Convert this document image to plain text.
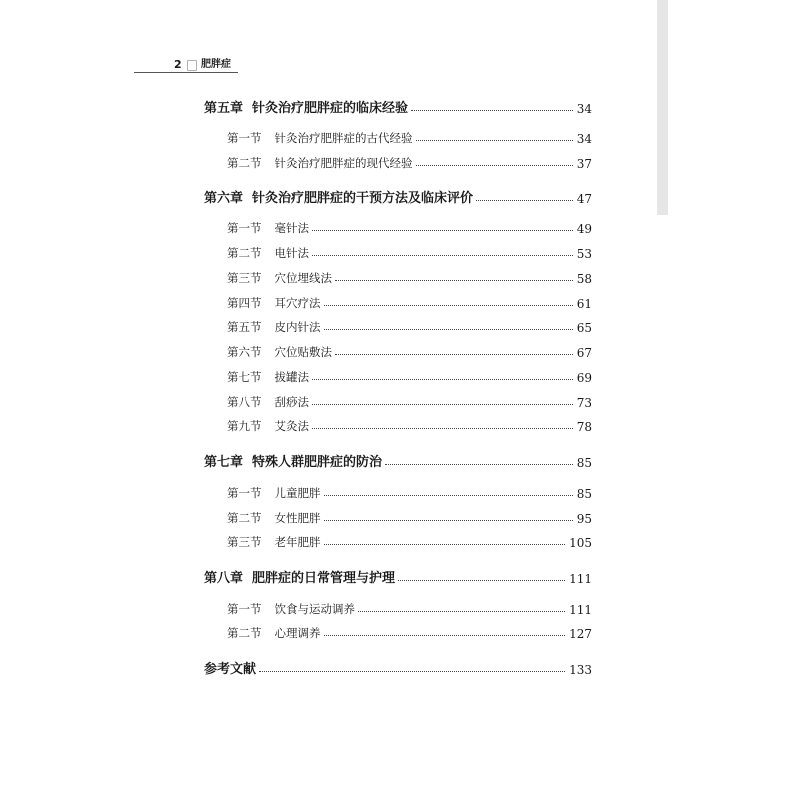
2 肥胖症
第五章 针灸治疗肥胖症的临床经验	34
第一节 针灸治疗肥胖症的古代经验	34
第二节 针灸治疗肥胖症的现代经验	37
第六章 针灸治疗肥胖症的干预方法及临床评价	47
第一节 毫针法	49
第二节 电针法	53
第三节 穴位埋线法	58
第四节 耳穴疗法	61
第五节 皮内针法	65
第六节 穴位贴敷法	67
第七节 拔罐法	69
第八节 刮痧法	73
第九节 艾灸法	78
第七章 特殊人群肥胖症的防治	85
第一节 儿童肥胖	85
第二节 女性肥胖	95
第三节 老年肥胖	105
第八章 肥胖症的日常管理与护理	111
第一节 饮食与运动调养	111
第二节 心理调养	127
参考文献	133
